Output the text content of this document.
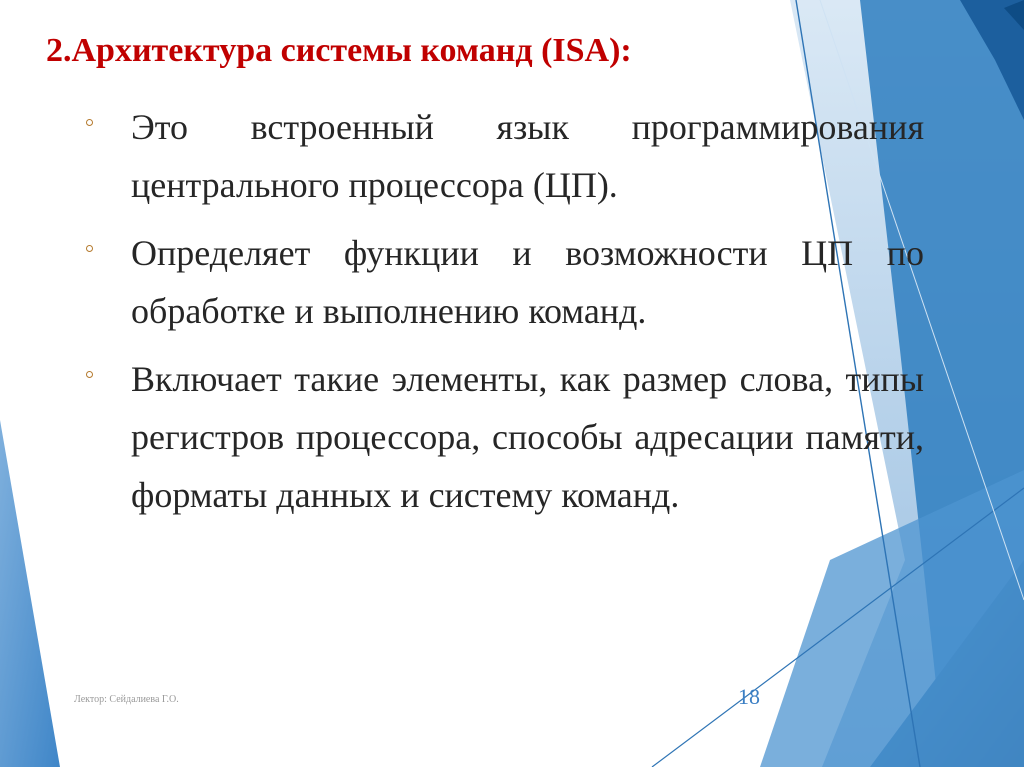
2.Архитектура системы команд (ISA):
Это встроенный язык программирования центрального процессора (ЦП).
Определяет функции и возможности ЦП по обработке и выполнению команд.
Включает такие элементы, как размер слова, типы регистров процессора, способы адресации памяти, форматы данных и систему команд.
Лектор: Сейдалиева Г.О.	18
